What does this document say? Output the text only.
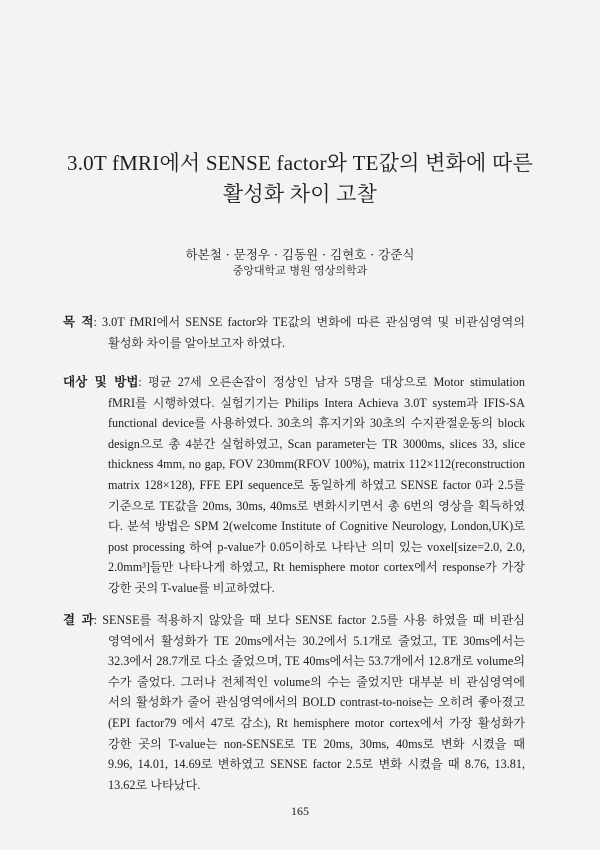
3.0T fMRI에서 SENSE factor와 TE값의 변화에 따른
활성화 차이 고찰
하본철 · 문정우 · 김동원 · 김현호 · 강준식
중앙대학교 병원 영상의학과
목 적: 3.0T fMRI에서 SENSE factor와 TE값의 변화에 따른 관심영역 및 비관심영역의
활성화 차이를 알아보고자 하였다.
대상 및 방법: 평균 27세 오른손잡이 정상인 남자 5명을 대상으로 Motor stimulation
fMRI를 시행하였다. 실험기기는 Philips Intera Achieva 3.0T system과 IFIS-SA
functional device를 사용하였다. 30초의 휴지기와 30초의 수지관절운동의 block
design으로 총 4분간 실험하였고, Scan parameter는 TR 3000ms, slices 33, slice
thickness 4mm, no gap, FOV 230mm(RFOV 100%), matrix 112×112(reconstruction
matrix 128×128), FFE EPI sequence로 동일하게 하였고 SENSE factor 0과 2.5를
기준으로 TE값을 20ms, 30ms, 40ms로 변화시키면서 총 6번의 영상을 획득하였
다. 분석 방법은 SPM 2(welcome Institute of Cognitive Neurology, London,UK)로
post processing 하여 p-value가 0.05이하로 나타난 의미 있는 voxel[size=2.0, 2.0,
2.0mm³]들만 나타나게 하였고, Rt hemisphere motor cortex에서 response가 가장
강한 곳의 T-value를 비교하였다.
결 과: SENSE를 적용하지 않았을 때 보다 SENSE factor 2.5를 사용 하였을 때 비관심
영역에서 활성화가 TE 20ms에서는 30.2에서 5.1개로 줄었고, TE 30ms에서는
32.3에서 28.7개로 다소 줄었으며, TE 40ms에서는 53.7개에서 12.8개로 volume의
수가 줄었다. 그러나 전체적인 volume의 수는 줄었지만 대부분 비 관심영역에
서의 활성화가 줄어 관심영역에서의 BOLD contrast-to-noise는 오히려 좋아졌고
(EPI factor79 에서 47로 감소), Rt hemisphere motor cortex에서 가장 활성화가
강한 곳의 T-value는 non-SENSE로 TE 20ms, 30ms, 40ms로 변화 시켰을 때
9.96, 14.01, 14.69로 변하였고 SENSE factor 2.5로 변화 시켰을 때 8.76, 13.81,
13.62로 나타났다.
165
